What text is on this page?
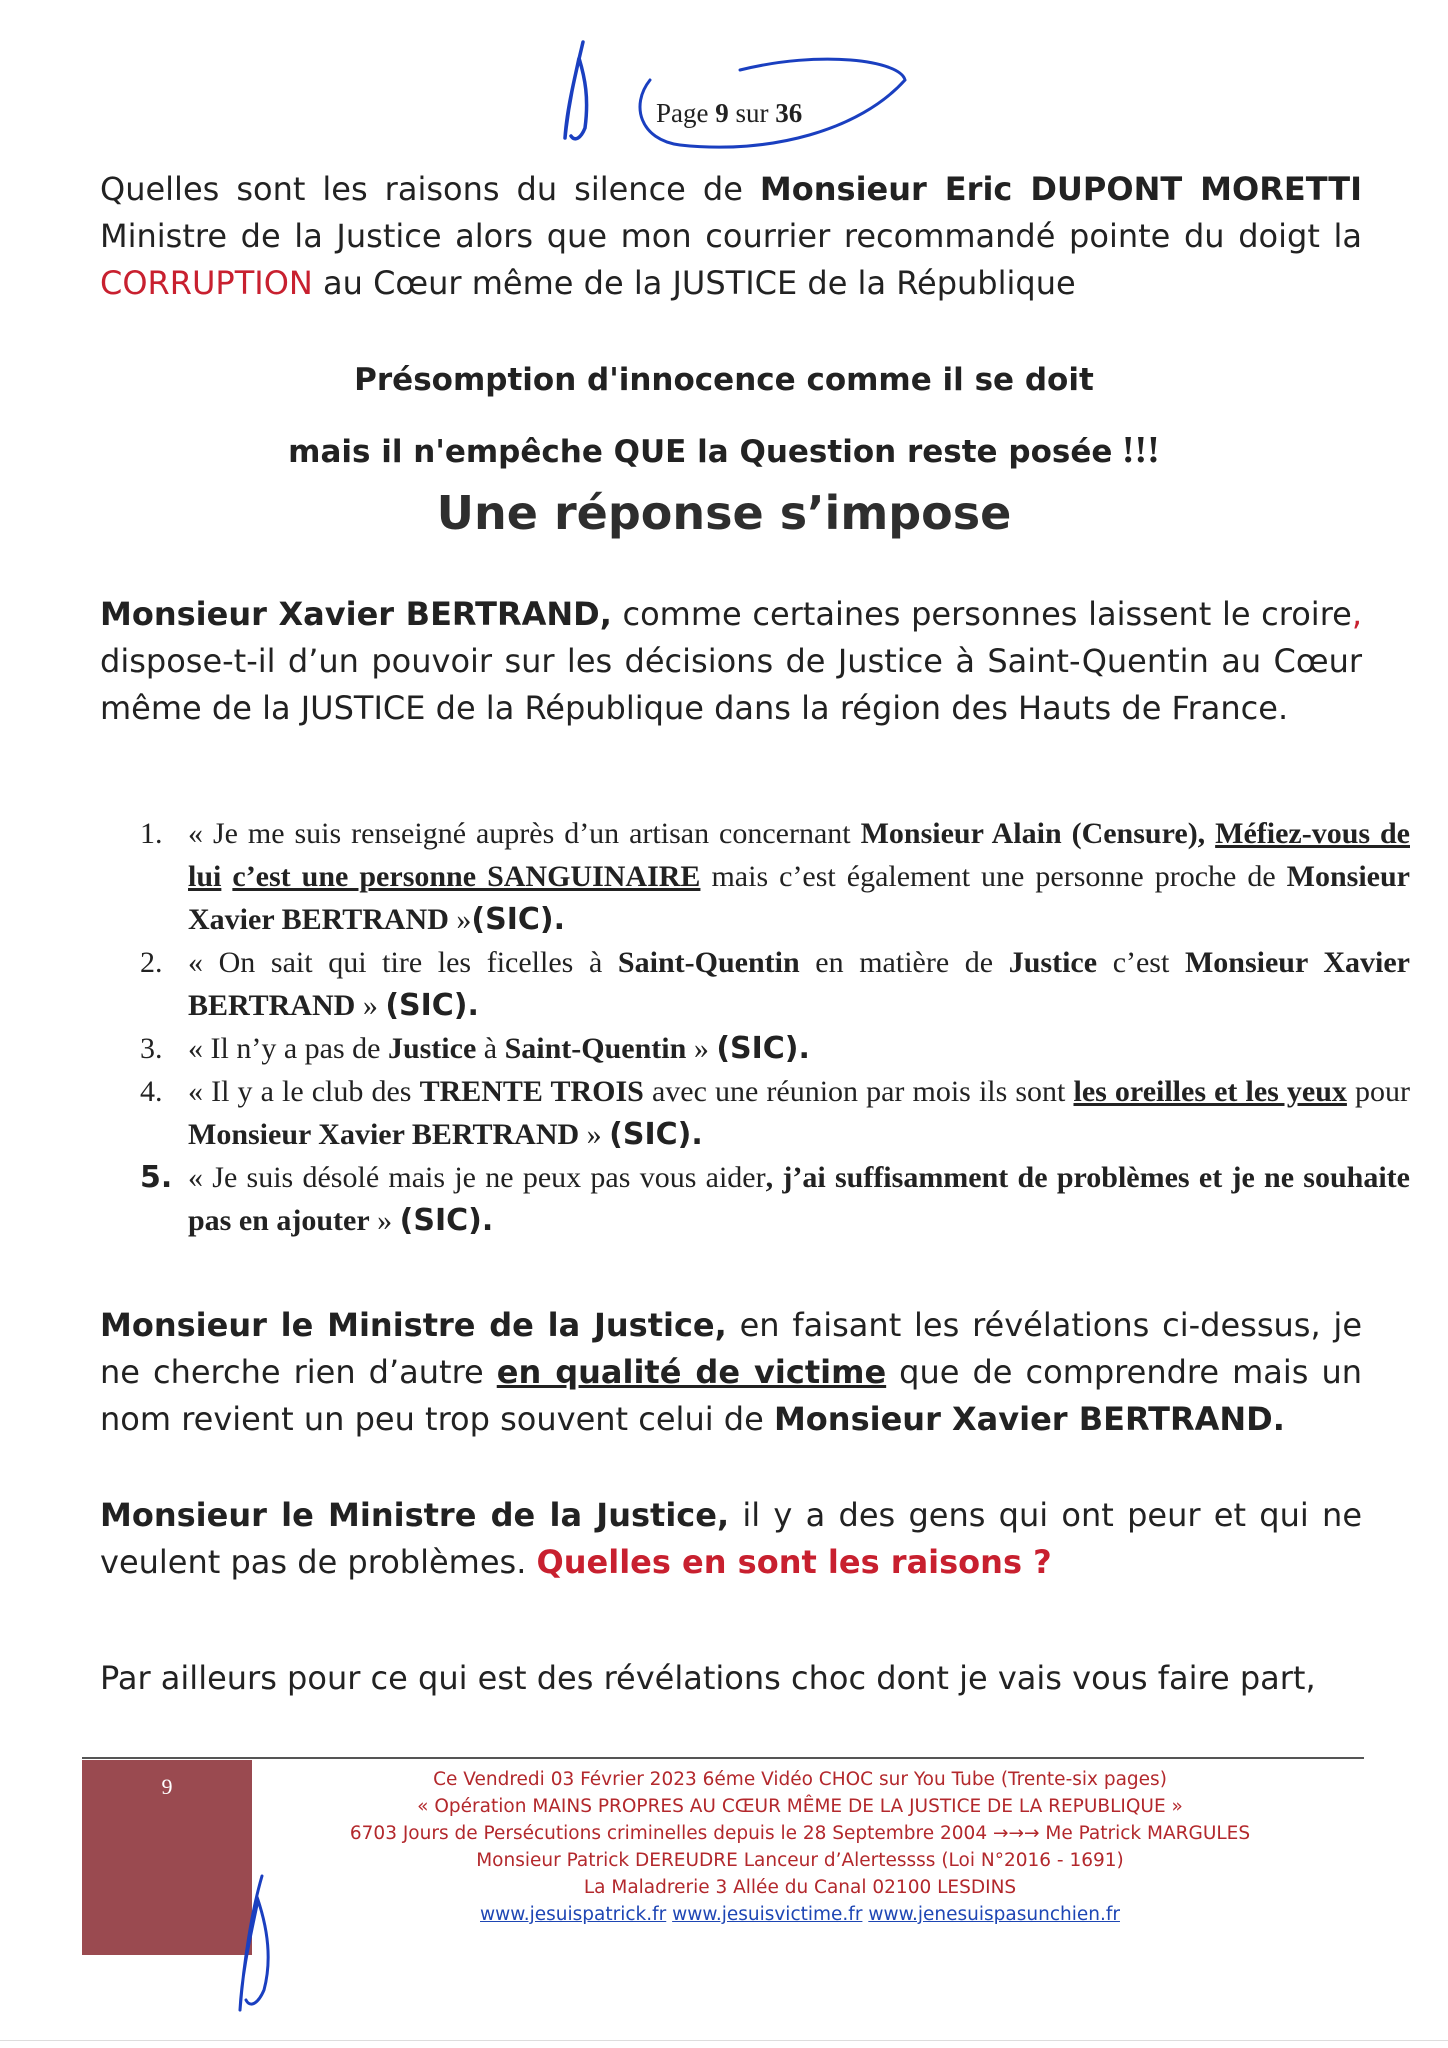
Page 9 sur 36

Quelles sont les raisons du silence de Monsieur Eric DUPONT MORETTI Ministre de la Justice alors que mon courrier recommandé pointe du doigt la CORRUPTION au Cœur même de la JUSTICE de la République

Présomption d'innocence comme il se doit
mais il n'empêche QUE la Question reste posée !!!
Une réponse s’impose

Monsieur Xavier BERTRAND, comme certaines personnes laissent le croire, dispose-t-il d’un pouvoir sur les décisions de Justice à Saint-Quentin au Cœur même de la JUSTICE de la République dans la région des Hauts de France.

1. « Je me suis renseigné auprès d’un artisan concernant Monsieur Alain (Censure), Méfiez-vous de lui c’est une personne SANGUINAIRE mais c’est également une personne proche de Monsieur Xavier BERTRAND »(SIC).
2. « On sait qui tire les ficelles à Saint-Quentin en matière de Justice c’est Monsieur Xavier BERTRAND » (SIC).
3. « Il n’y a pas de Justice à Saint-Quentin » (SIC).
4. « Il y a le club des TRENTE TROIS avec une réunion par mois ils sont les oreilles et les yeux pour Monsieur Xavier BERTRAND » (SIC).
5. « Je suis désolé mais je ne peux pas vous aider, j’ai suffisamment de problèmes et je ne souhaite pas en ajouter » (SIC).

Monsieur le Ministre de la Justice, en faisant les révélations ci-dessus, je ne cherche rien d’autre en qualité de victime que de comprendre mais un nom revient un peu trop souvent celui de Monsieur Xavier BERTRAND.

Monsieur le Ministre de la Justice, il y a des gens qui ont peur et qui ne veulent pas de problèmes. Quelles en sont les raisons ?

Par ailleurs pour ce qui est des révélations choc dont je vais vous faire part,

9	Ce Vendredi 03 Février 2023 6éme Vidéo CHOC sur You Tube (Trente-six pages)
« Opération MAINS PROPRES AU CŒUR MÊME DE LA JUSTICE DE LA REPUBLIQUE »
6703 Jours de Persécutions criminelles depuis le 28 Septembre 2004 →→→ Me Patrick MARGULES
Monsieur Patrick DEREUDRE Lanceur d’Alertessss (Loi N°2016 - 1691)
La Maladrerie 3 Allée du Canal 02100 LESDINS
www.jesuispatrick.fr www.jesuisvictime.fr www.jenesuispasunchien.fr
